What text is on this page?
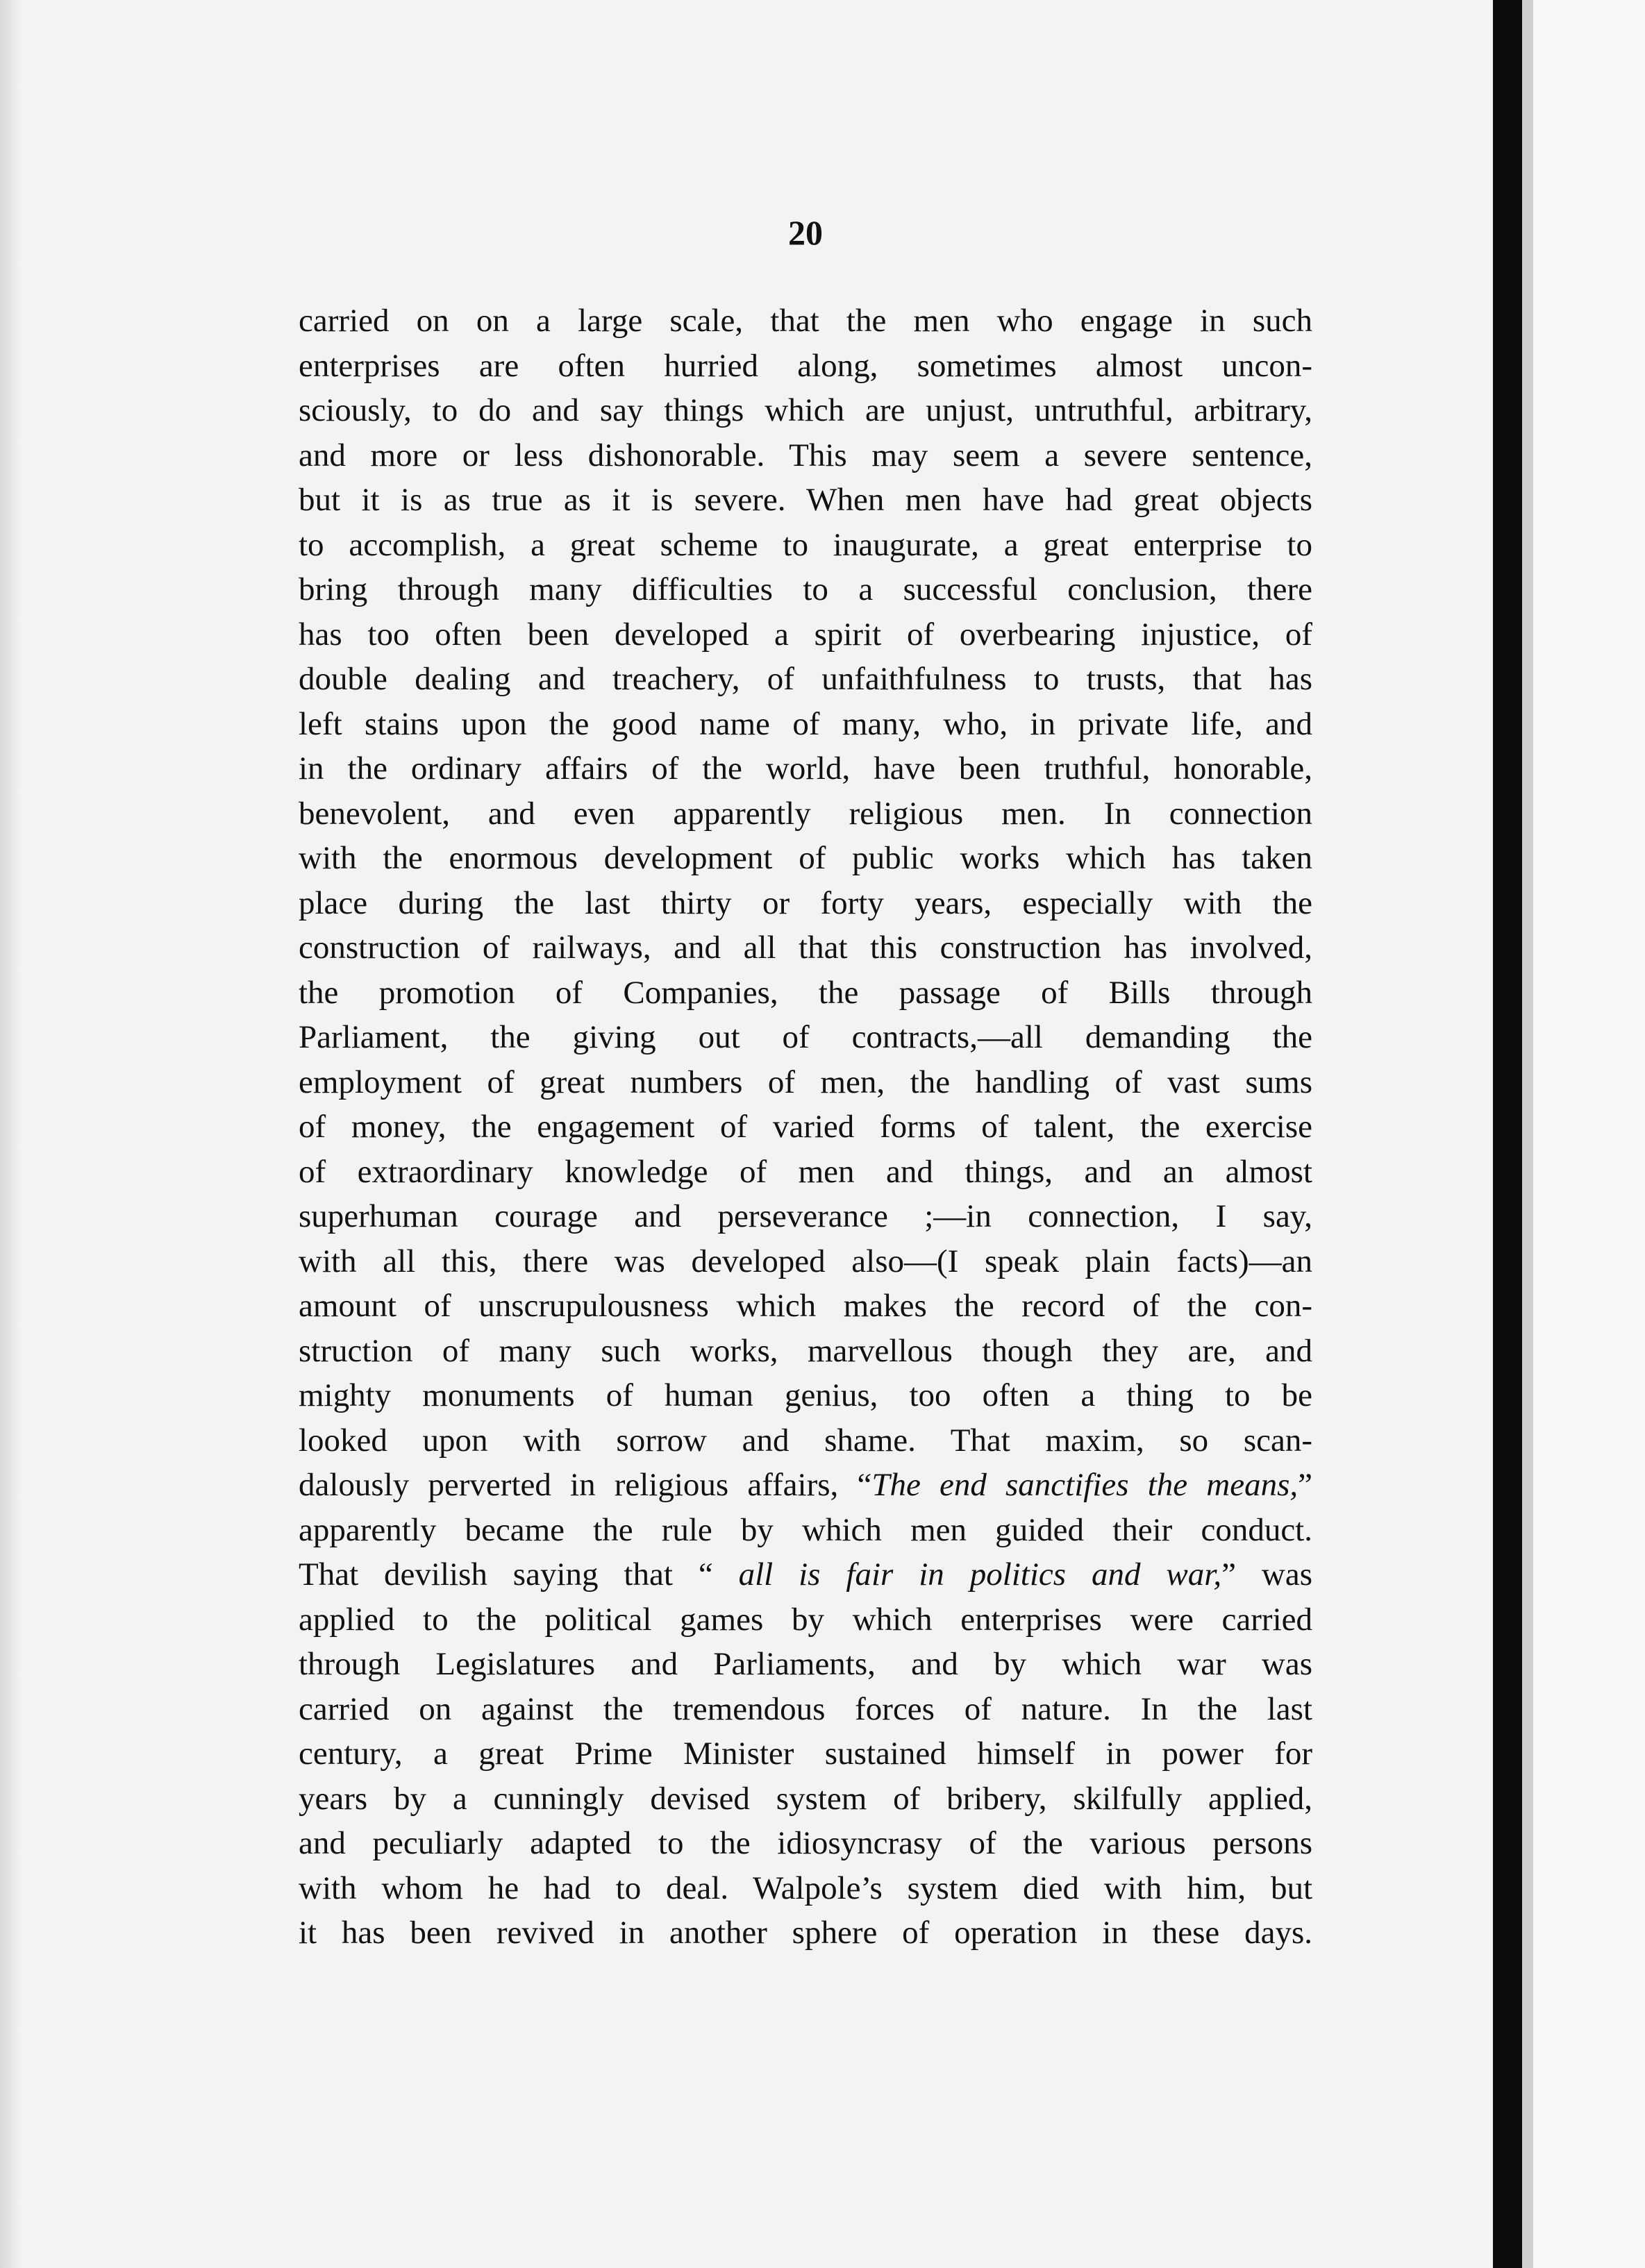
20

carried on on a large scale, that the men who engage in such
enterprises are often hurried along, sometimes almost uncon-
sciously, to do and say things which are unjust, untruthful, arbitrary,
and more or less dishonorable. This may seem a severe sentence,
but it is as true as it is severe. When men have had great objects
to accomplish, a great scheme to inaugurate, a great enterprise to
bring through many difficulties to a successful conclusion, there
has too often been developed a spirit of overbearing injustice, of
double dealing and treachery, of unfaithfulness to trusts, that has
left stains upon the good name of many, who, in private life, and
in the ordinary affairs of the world, have been truthful, honorable,
benevolent, and even apparently religious men. In connection
with the enormous development of public works which has taken
place during the last thirty or forty years, especially with the
construction of railways, and all that this construction has involved,
the promotion of Companies, the passage of Bills through
Parliament, the giving out of contracts,—all demanding the
employment of great numbers of men, the handling of vast sums
of money, the engagement of varied forms of talent, the exercise
of extraordinary knowledge of men and things, and an almost
superhuman courage and perseverance ;—in connection, I say,
with all this, there was developed also—(I speak plain facts)—an
amount of unscrupulousness which makes the record of the con-
struction of many such works, marvellous though they are, and
mighty monuments of human genius, too often a thing to be
looked upon with sorrow and shame. That maxim, so scan-
dalously perverted in religious affairs, “The end sanctifies the means,”
apparently became the rule by which men guided their conduct.
That devilish saying that “ all is fair in politics and war,” was
applied to the political games by which enterprises were carried
through Legislatures and Parliaments, and by which war was
carried on against the tremendous forces of nature. In the last
century, a great Prime Minister sustained himself in power for
years by a cunningly devised system of bribery, skilfully applied,
and peculiarly adapted to the idiosyncrasy of the various persons
with whom he had to deal. Walpole’s system died with him, but
it has been revived in another sphere of operation in these days.
